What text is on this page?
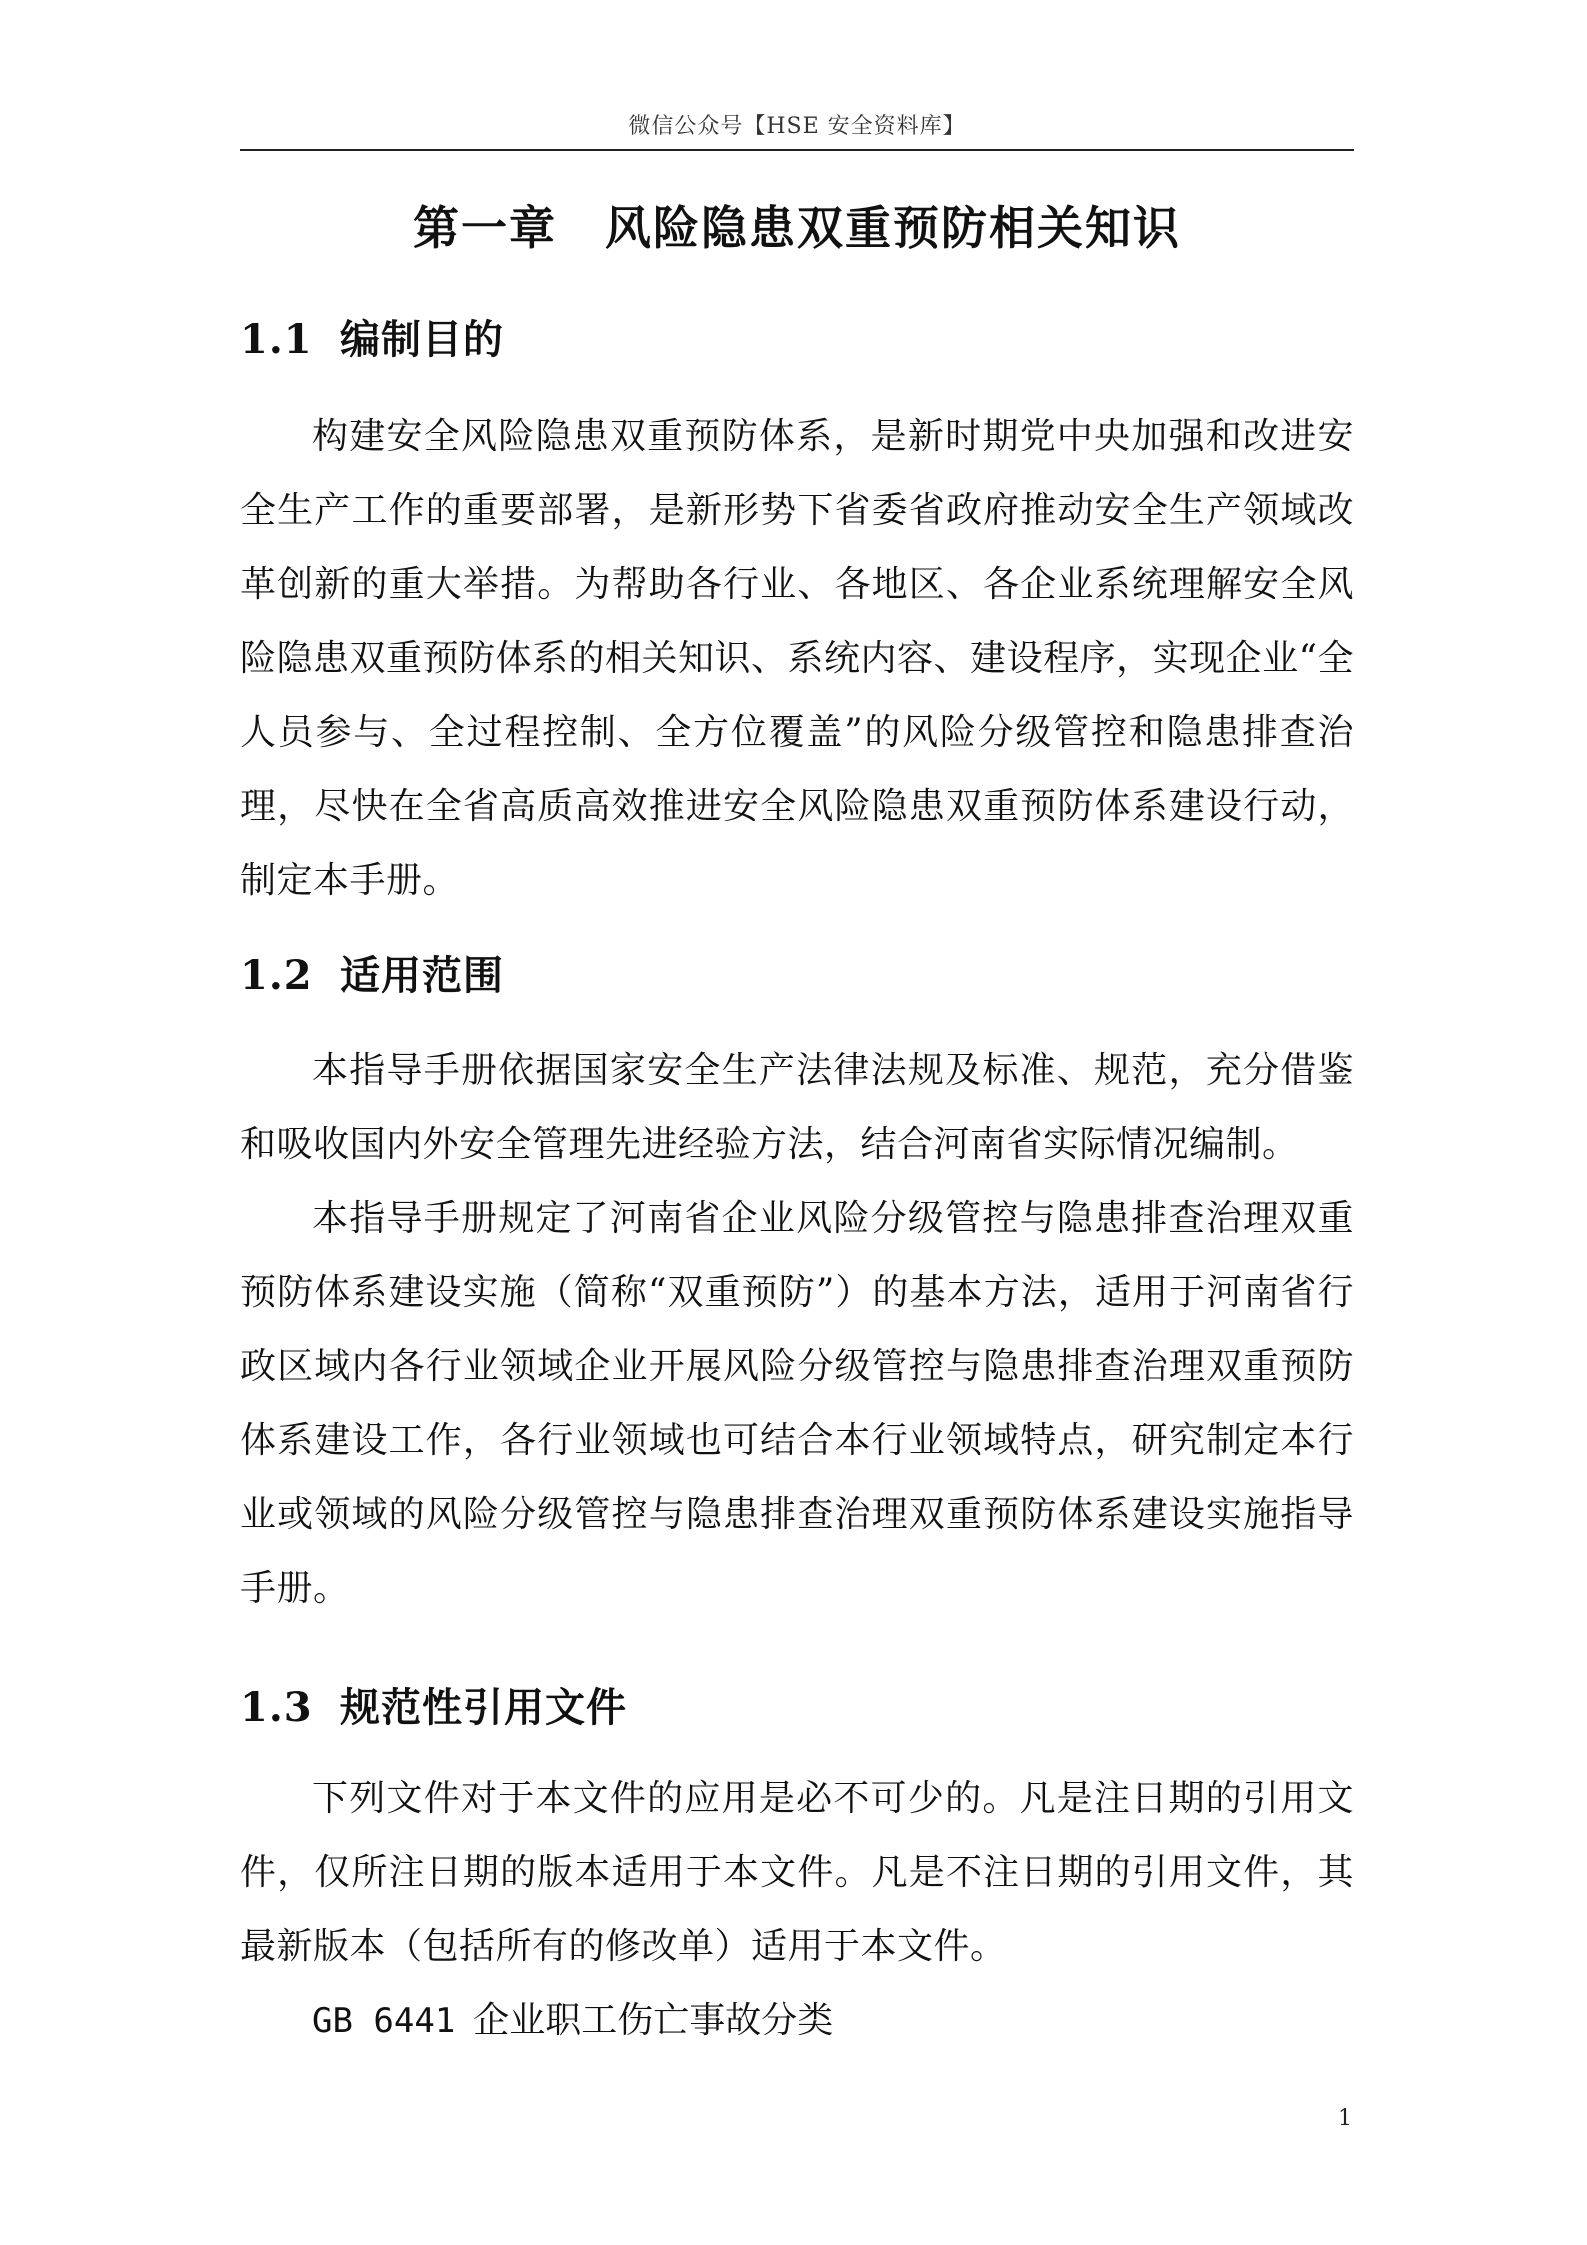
微信公众号【HSE 安全资料库】
第一章 风险隐患双重预防相关知识
1.1 编制目的

构建安全风险隐患双重预防体系，是新时期党中央加强和改进安全生产工作的重要部署，是新形势下省委省政府推动安全生产领域改革创新的重大举措。为帮助各行业、各地区、各企业系统理解安全风险隐患双重预防体系的相关知识、系统内容、建设程序，实现企业“全人员参与、全过程控制、全方位覆盖”的风险分级管控和隐患排查治理，尽快在全省高质高效推进安全风险隐患双重预防体系建设行动，制定本手册。

1.2 适用范围

本指导手册依据国家安全生产法律法规及标准、规范，充分借鉴和吸收国内外安全管理先进经验方法，结合河南省实际情况编制。

本指导手册规定了河南省企业风险分级管控与隐患排查治理双重预防体系建设实施（简称“双重预防”）的基本方法，适用于河南省行政区域内各行业领域企业开展风险分级管控与隐患排查治理双重预防体系建设工作，各行业领域也可结合本行业领域特点，研究制定本行业或领域的风险分级管控与隐患排查治理双重预防体系建设实施指导手册。

1.3 规范性引用文件

下列文件对于本文件的应用是必不可少的。凡是注日期的引用文件，仅所注日期的版本适用于本文件。凡是不注日期的引用文件，其最新版本（包括所有的修改单）适用于本文件。

GB 6441 企业职工伤亡事故分类

1
